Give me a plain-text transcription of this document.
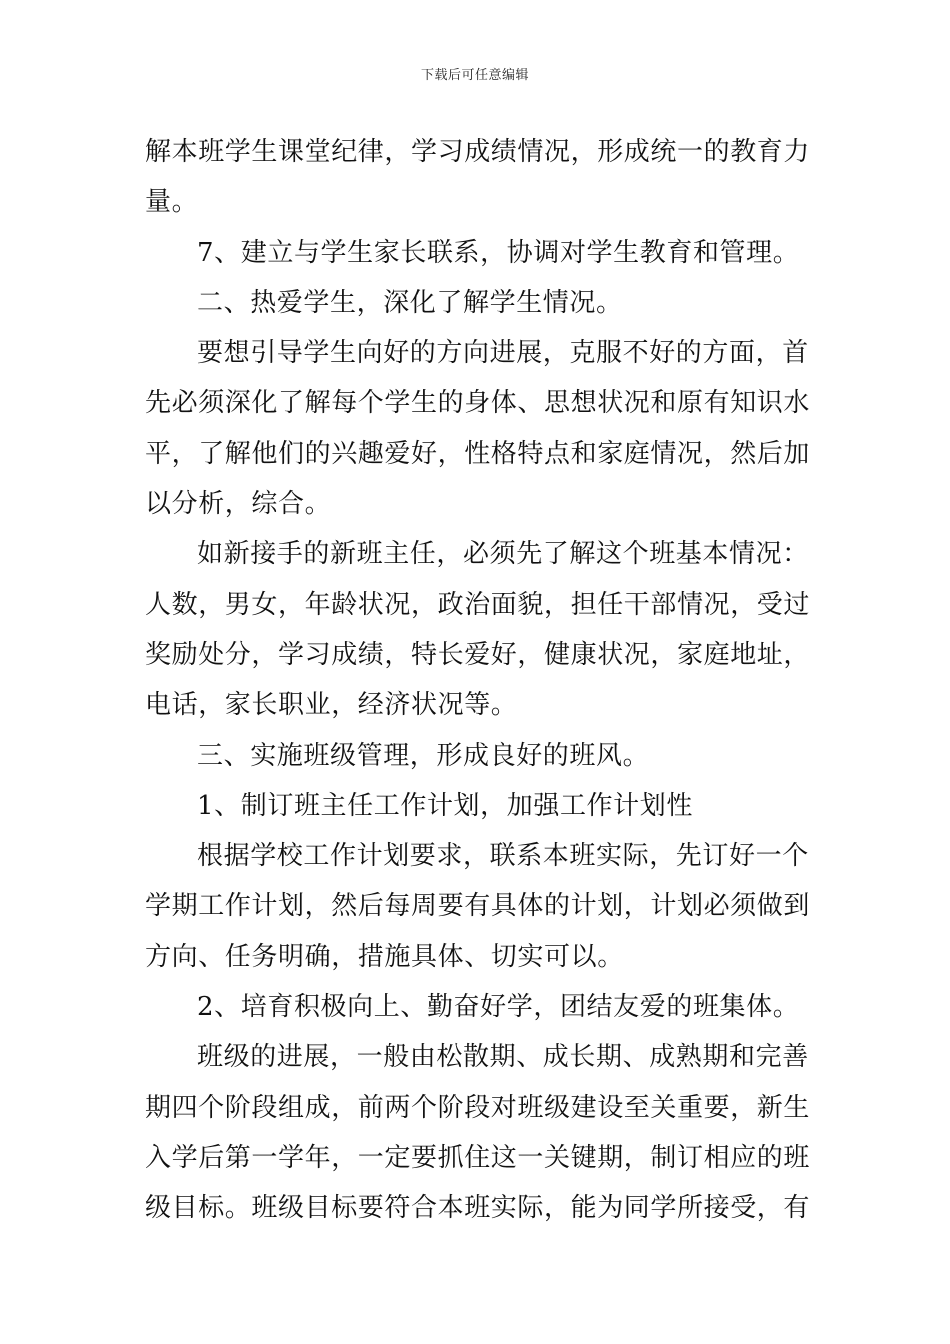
下载后可任意编辑
解本班学生课堂纪律，学习成绩情况，形成统一的教育力
量。
7、建立与学生家长联系，协调对学生教育和管理。
二、热爱学生，深化了解学生情况。
要想引导学生向好的方向进展，克服不好的方面，首
先必须深化了解每个学生的身体、思想状况和原有知识水
平，了解他们的兴趣爱好，性格特点和家庭情况，然后加
以分析，综合。
如新接手的新班主任，必须先了解这个班基本情况：
人数，男女，年龄状况，政治面貌，担任干部情况，受过
奖励处分，学习成绩，特长爱好，健康状况，家庭地址，
电话，家长职业，经济状况等。
三、实施班级管理，形成良好的班风。
1、制订班主任工作计划，加强工作计划性
根据学校工作计划要求，联系本班实际，先订好一个
学期工作计划，然后每周要有具体的计划，计划必须做到
方向、任务明确，措施具体、切实可以。
2、培育积极向上、勤奋好学，团结友爱的班集体。
班级的进展，一般由松散期、成长期、成熟期和完善
期四个阶段组成，前两个阶段对班级建设至关重要，新生
入学后第一学年，一定要抓住这一关键期，制订相应的班
级目标。班级目标要符合本班实际，能为同学所接受，有
